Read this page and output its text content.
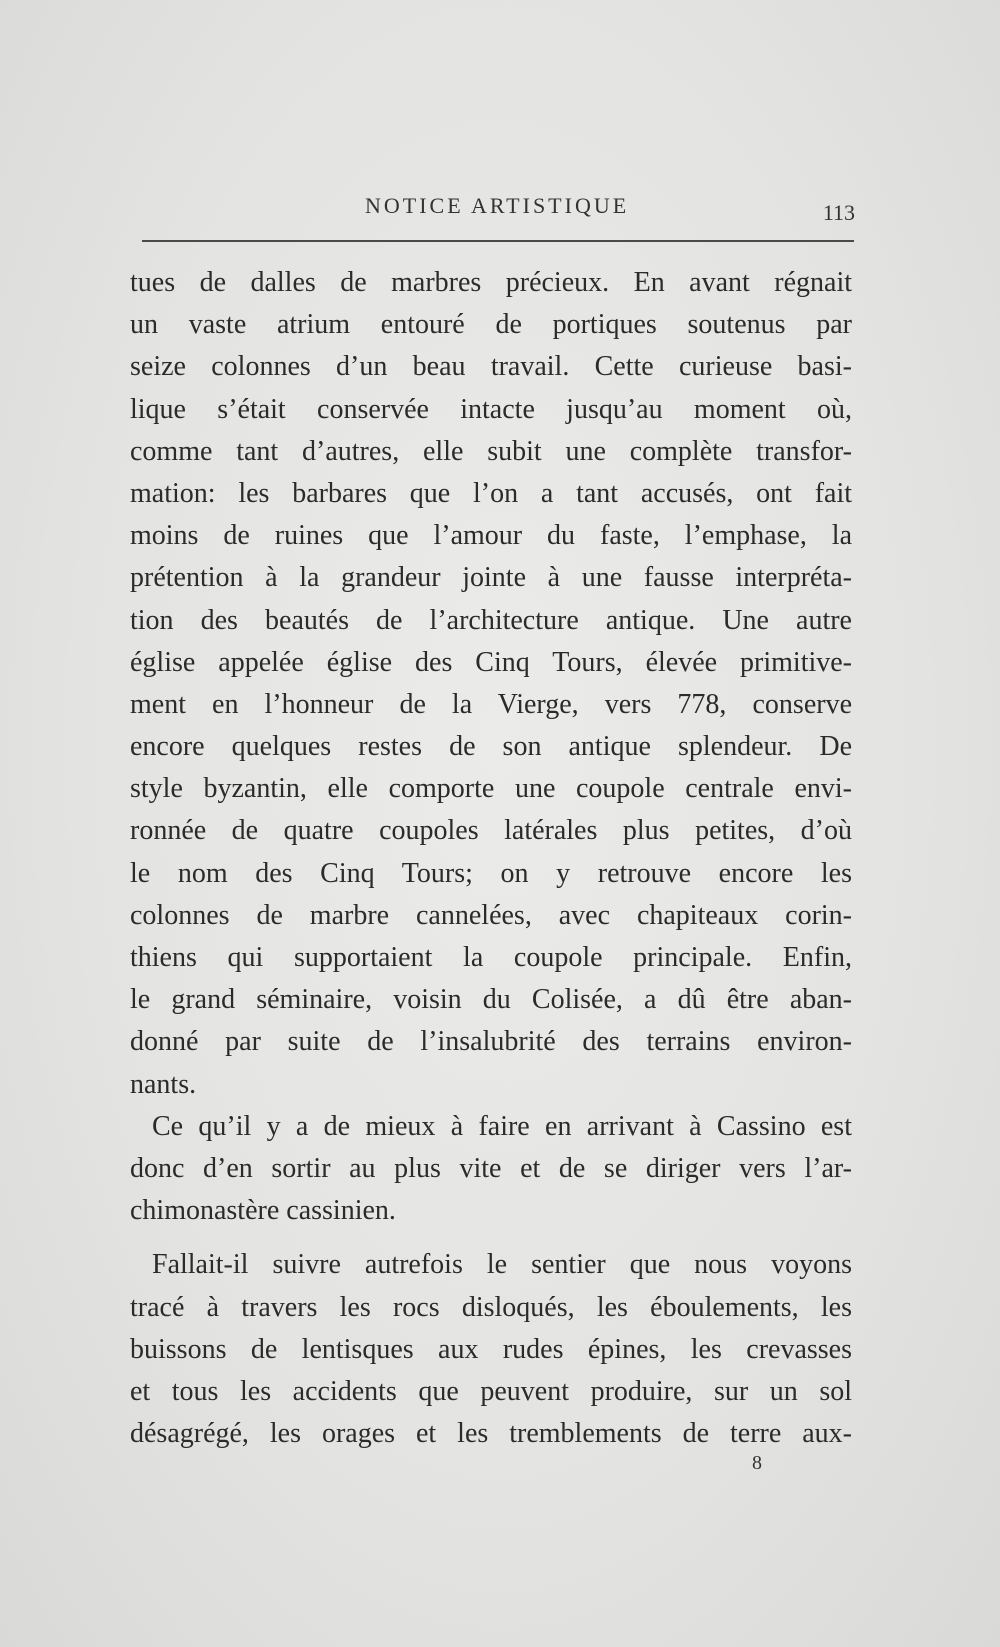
NOTICE ARTISTIQUE	113
tues de dalles de marbres précieux. En avant régnait
un vaste atrium entouré de portiques soutenus par
seize colonnes d’un beau travail. Cette curieuse basi-
lique s’était conservée intacte jusqu’au moment où,
comme tant d’autres, elle subit une complète transfor-
mation: les barbares que l’on a tant accusés, ont fait
moins de ruines que l’amour du faste, l’emphase, la
prétention à la grandeur jointe à une fausse interpréta-
tion des beautés de l’architecture antique. Une autre
église appelée église des Cinq Tours, élevée primitive-
ment en l’honneur de la Vierge, vers 778, conserve
encore quelques restes de son antique splendeur. De
style byzantin, elle comporte une coupole centrale envi-
ronnée de quatre coupoles latérales plus petites, d’où
le nom des Cinq Tours; on y retrouve encore les
colonnes de marbre cannelées, avec chapiteaux corin-
thiens qui supportaient la coupole principale. Enfin,
le grand séminaire, voisin du Colisée, a dû être aban-
donné par suite de l’insalubrité des terrains environ-
nants.
Ce qu’il y a de mieux à faire en arrivant à Cassino est
donc d’en sortir au plus vite et de se diriger vers l’ar-
chimonastère cassinien.
Fallait-il suivre autrefois le sentier que nous voyons
tracé à travers les rocs disloqués, les éboulements, les
buissons de lentisques aux rudes épines, les crevasses
et tous les accidents que peuvent produire, sur un sol
désagrégé, les orages et les tremblements de terre aux-
8
